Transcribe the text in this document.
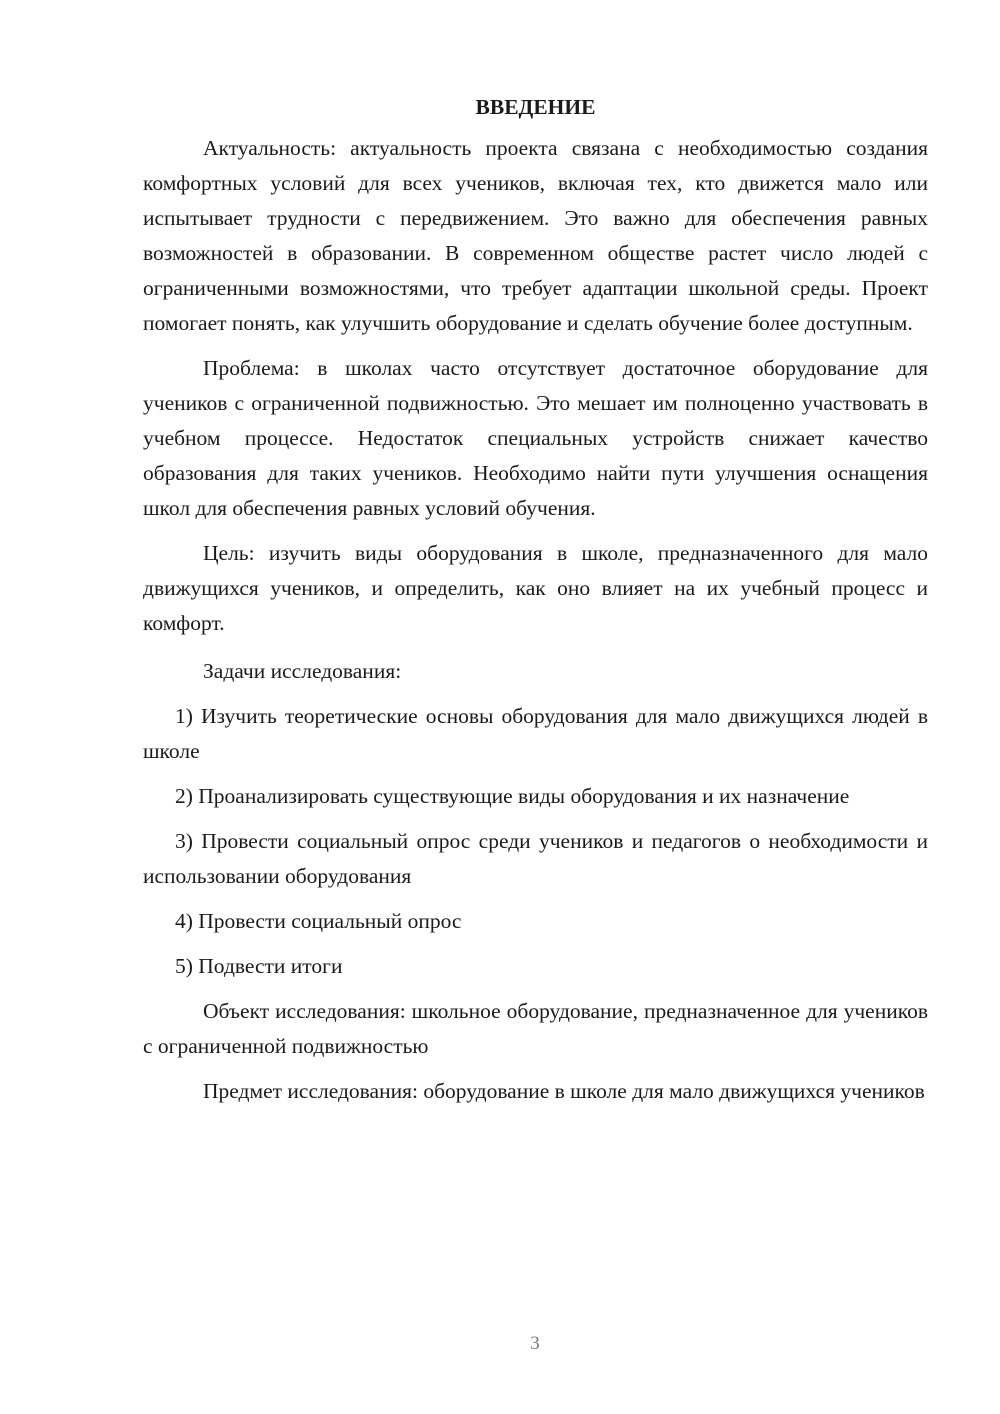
ВВЕДЕНИЕ

Актуальность: актуальность проекта связана с необходимостью создания комфортных условий для всех учеников, включая тех, кто движется мало или испытывает трудности с передвижением. Это важно для обеспечения равных возможностей в образовании. В современном обществе растет число людей с ограниченными возможностями, что требует адаптации школьной среды. Проект помогает понять, как улучшить оборудование и сделать обучение более доступным.

Проблема: в школах часто отсутствует достаточное оборудование для учеников с ограниченной подвижностью. Это мешает им полноценно участвовать в учебном процессе. Недостаток специальных устройств снижает качество образования для таких учеников. Необходимо найти пути улучшения оснащения школ для обеспечения равных условий обучения.

Цель: изучить виды оборудования в школе, предназначенного для мало движущихся учеников, и определить, как оно влияет на их учебный процесс и комфорт.

Задачи исследования:

1) Изучить теоретические основы оборудования для мало движущихся людей в школе

2) Проанализировать существующие виды оборудования и их назначение

3) Провести социальный опрос среди учеников и педагогов о необходимости и использовании оборудования

4) Провести социальный опрос

5) Подвести итоги

Объект исследования: школьное оборудование, предназначенное для учеников с ограниченной подвижностью

Предмет исследования: оборудование в школе для мало движущихся учеников

3
